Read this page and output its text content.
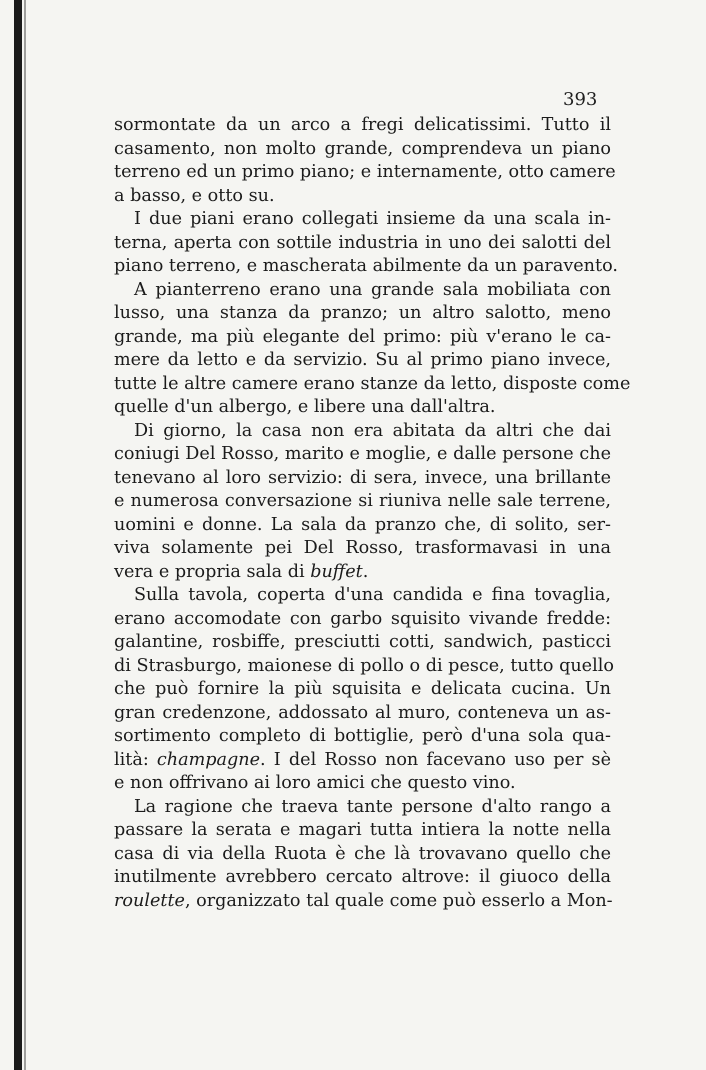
393

sormontate da un arco a fregi delicatissimi. Tutto il
casamento, non molto grande, comprendeva un piano
terreno ed un primo piano; e internamente, otto camere
a basso, e otto su.

I due piani erano collegati insieme da una scala in-
terna, aperta con sottile industria in uno dei salotti del
piano terreno, e mascherata abilmente da un paravento.

A pianterreno erano una grande sala mobiliata con
lusso, una stanza da pranzo; un altro salotto, meno
grande, ma più elegante del primo: più v'erano le ca-
mere da letto e da servizio. Su al primo piano invece,
tutte le altre camere erano stanze da letto, disposte come
quelle d'un albergo, e libere una dall'altra.

Di giorno, la casa non era abitata da altri che dai
coniugi Del Rosso, marito e moglie, e dalle persone che
tenevano al loro servizio: di sera, invece, una brillante
e numerosa conversazione si riuniva nelle sale terrene,
uomini e donne. La sala da pranzo che, di solito, ser-
viva solamente pei Del Rosso, trasformavasi in una
vera e propria sala di buffet.

Sulla tavola, coperta d'una candida e fina tovaglia,
erano accomodate con garbo squisito vivande fredde:
galantine, rosbiffe, presciutti cotti, sandwich, pasticci
di Strasburgo, maionese di pollo o di pesce, tutto quello
che può fornire la più squisita e delicata cucina. Un
gran credenzone, addossato al muro, conteneva un as-
sortimento completo di bottiglie, però d'una sola qua-
lità: champagne. I del Rosso non facevano uso per sè
e non offrivano ai loro amici che questo vino.

La ragione che traeva tante persone d'alto rango a
passare la serata e magari tutta intiera la notte nella
casa di via della Ruota è che là trovavano quello che
inutilmente avrebbero cercato altrove: il giuoco della
roulette, organizzato tal quale come può esserlo a Mon-
